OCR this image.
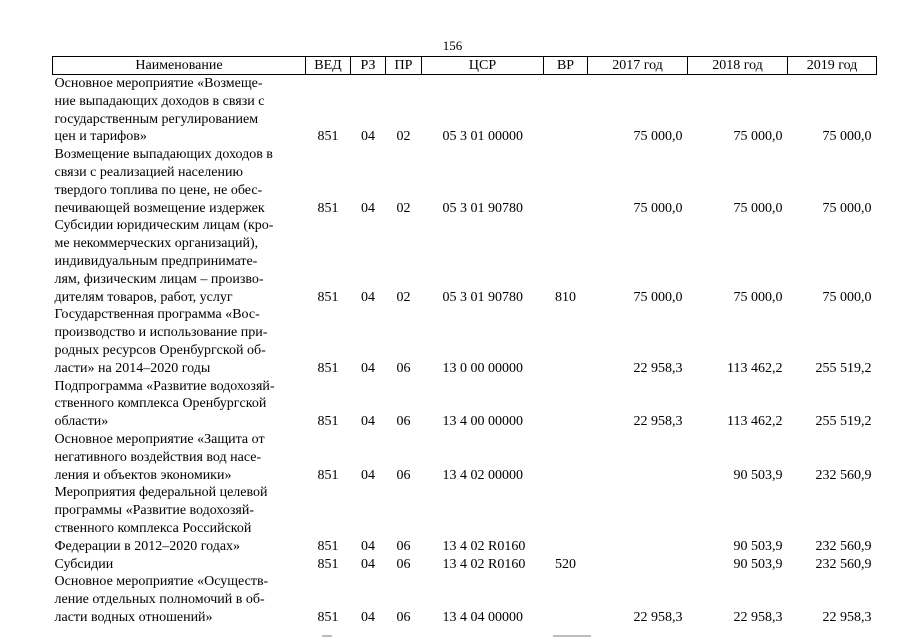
156
Наименование	ВЕД	РЗ	ПР	ЦСР	ВР	2017 год	2018 год	2019 год

Основное мероприятие «Возмеще-
ние выпадающих доходов в связи с
государственным регулированием
цен и тарифов»	851	04	02	05 3 01 00000		75 000,0	75 000,0	75 000,0

Возмещение выпадающих доходов в
связи с реализацией населению
твердого топлива по цене, не обес-
печивающей возмещение издержек	851	04	02	05 3 01 90780		75 000,0	75 000,0	75 000,0

Субсидии юридическим лицам (кро-
ме некоммерческих организаций),
индивидуальным предпринимате-
лям, физическим лицам – произво-
дителям товаров, работ, услуг	851	04	02	05 3 01 90780	810	75 000,0	75 000,0	75 000,0

Государственная программа «Вос-
производство и использование при-
родных ресурсов Оренбургской об-
ласти» на 2014–2020 годы	851	04	06	13 0 00 00000		22 958,3	113 462,2	255 519,2

Подпрограмма «Развитие водохозяй-
ственного комплекса Оренбургской
области»	851	04	06	13 4 00 00000		22 958,3	113 462,2	255 519,2

Основное мероприятие «Защита от
негативного воздействия вод насе-
ления и объектов экономики»	851	04	06	13 4 02 00000			90 503,9	232 560,9

Мероприятия федеральной целевой
программы «Развитие водохозяй-
ственного комплекса Российской
Федерации в 2012–2020 годах»	851	04	06	13 4 02 R0160			90 503,9	232 560,9

Субсидии	851	04	06	13 4 02 R0160	520		90 503,9	232 560,9

Основное мероприятие «Осуществ-
ление отдельных полномочий в об-
ласти водных отношений»	851	04	06	13 4 04 00000		22 958,3	22 958,3	22 958,3
